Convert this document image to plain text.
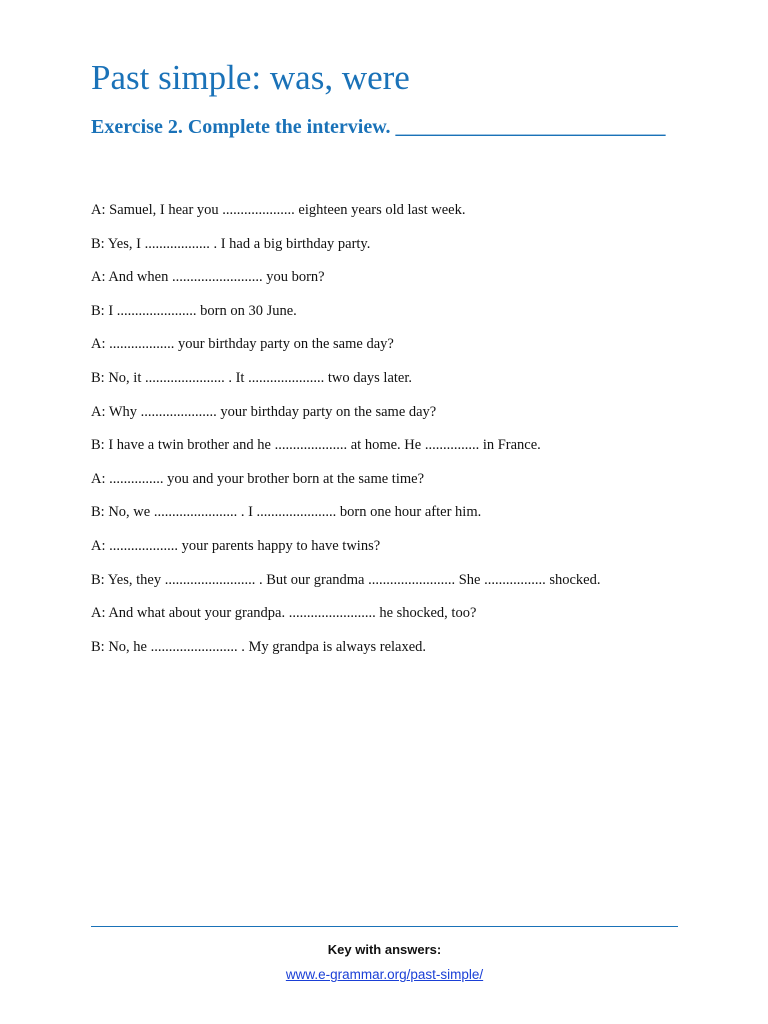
Past simple: was, were
Exercise 2. Complete the interview. ___________________________
A: Samuel, I hear you .................... eighteen years old last week.
B: Yes, I .................. . I had a big birthday party.
A: And when ......................... you born?
B: I ...................... born on 30 June.
A: .................. your birthday party on the same day?
B: No, it ...................... . It ..................... two days later.
A: Why ..................... your birthday party on the same day?
B: I have a twin brother and he .................... at home. He ............... in France.
A: ............... you and your brother born at the same time?
B: No, we ....................... . I ...................... born one hour after him.
A: ................... your parents happy to have twins?
B: Yes, they ......................... . But our grandma ........................ She ................. shocked.
A: And what about your grandpa. ........................ he shocked, too?
B: No, he ........................ . My grandpa is always relaxed.

Key with answers:

www.e-grammar.org/past-simple/
